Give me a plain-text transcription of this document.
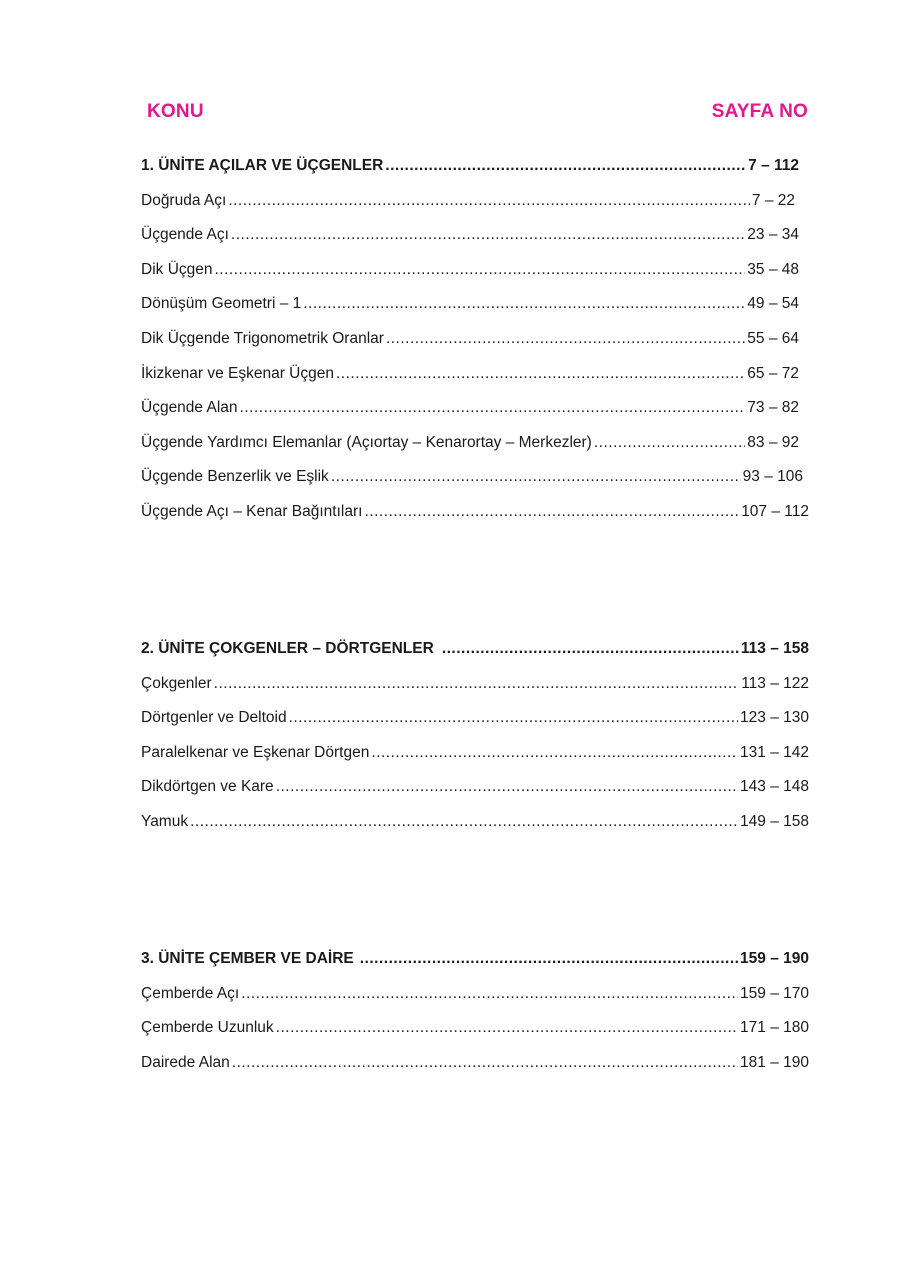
KONU	SAYFA NO
1. ÜNİTE AÇILAR VE ÜÇGENLER .....	7 – 112
Doğruda Açı .....	7 – 22
Üçgende Açı .....	23 – 34
Dik Üçgen .....	35 – 48
Dönüşüm Geometri – 1 .....	49 – 54
Dik Üçgende Trigonometrik Oranlar .....	55 – 64
İkizkenar ve Eşkenar Üçgen .....	65 – 72
Üçgende Alan .....	73 – 82
Üçgende Yardımcı Elemanlar (Açıortay – Kenarortay – Merkezler) .....	83 – 92
Üçgende Benzerlik ve Eşlik .....	93 – 106
Üçgende Açı – Kenar Bağıntıları .....	107 – 112
2. ÜNİTE ÇOKGENLER – DÖRTGENLER .....	113 – 158
Çokgenler .....	113 – 122
Dörtgenler ve Deltoid .....	123 – 130
Paralelkenar ve Eşkenar Dörtgen .....	131 – 142
Dikdörtgen ve Kare .....	143 – 148
Yamuk .....	149 – 158
3. ÜNİTE ÇEMBER VE DAİRE .....	159 – 190
Çemberde Açı .....	159 – 170
Çemberde Uzunluk .....	171 – 180
Dairede Alan .....	181 – 190
